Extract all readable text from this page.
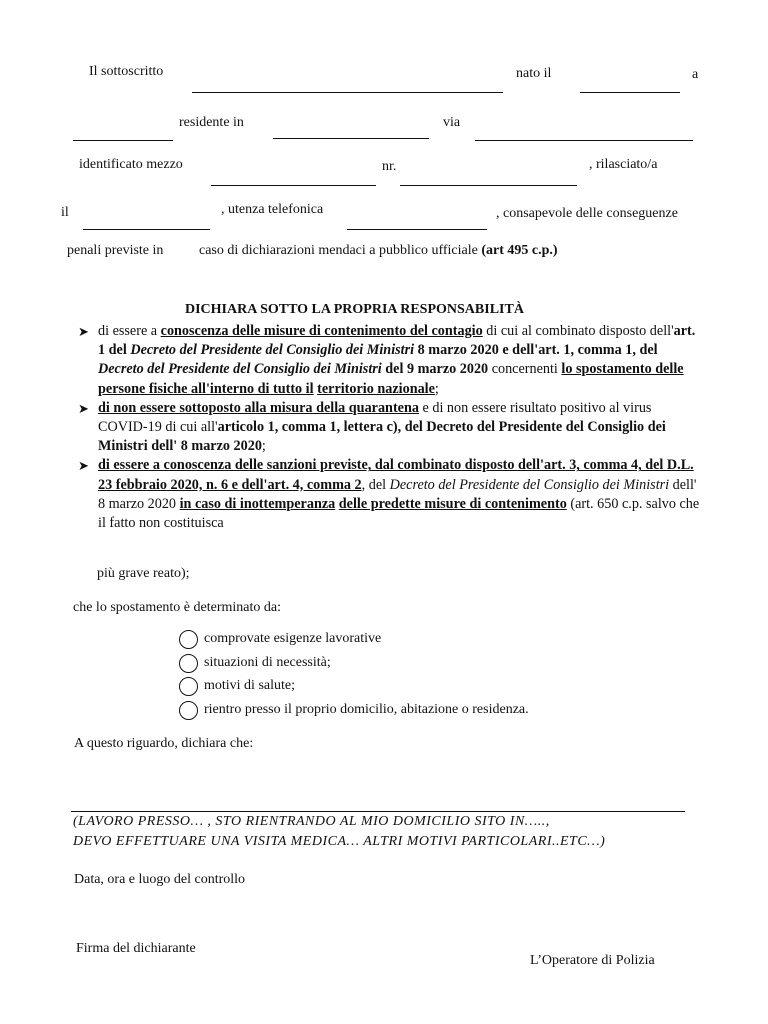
Il sottoscritto	nato il	a
residente in	via
identificato mezzo	nr.	, rilasciato/a
il	, utenza telefonica	, consapevole delle conseguenze
penali previste in	caso di dichiarazioni mendaci a pubblico ufficiale (art 495 c.p.)
DICHIARA SOTTO LA PROPRIA RESPONSABILITÀ

➤ di essere a conoscenza delle misure di contenimento del contagio di cui al combinato disposto dell'art. 1 del Decreto del Presidente del Consiglio dei Ministri 8 marzo 2020 e dell'art. 1, comma 1, del Decreto del Presidente del Consiglio dei Ministri del 9 marzo 2020 concernenti lo spostamento delle persone fisiche all'interno di tutto il territorio nazionale;

➤ di non essere sottoposto alla misura della quarantena e di non essere risultato positivo al virus COVID-19 di cui all'articolo 1, comma 1, lettera c), del Decreto del Presidente del Consiglio dei Ministri dell' 8 marzo 2020;

➤ di essere a conoscenza delle sanzioni previste, dal combinato disposto dell'art. 3, comma 4, del D.L. 23 febbraio 2020, n. 6 e dell'art. 4, comma 2, del Decreto del Presidente del Consiglio dei Ministri dell' 8 marzo 2020 in caso di inottemperanza delle predette misure di contenimento (art. 650 c.p. salvo che il fatto non costituisca

più grave reato);
che lo spostamento è determinato da:
comprovate esigenze lavorative
situazioni di necessità;
motivi di salute;
rientro presso il proprio domicilio, abitazione o residenza.
A questo riguardo, dichiara che:
(LAVORO PRESSO… , STO RIENTRANDO AL MIO DOMICILIO SITO IN…..,
DEVO EFFETTUARE UNA VISITA MEDICA… ALTRI MOTIVI PARTICOLARI..ETC…)
Data, ora e luogo del controllo
Firma del dichiarante
L’Operatore di Polizia
